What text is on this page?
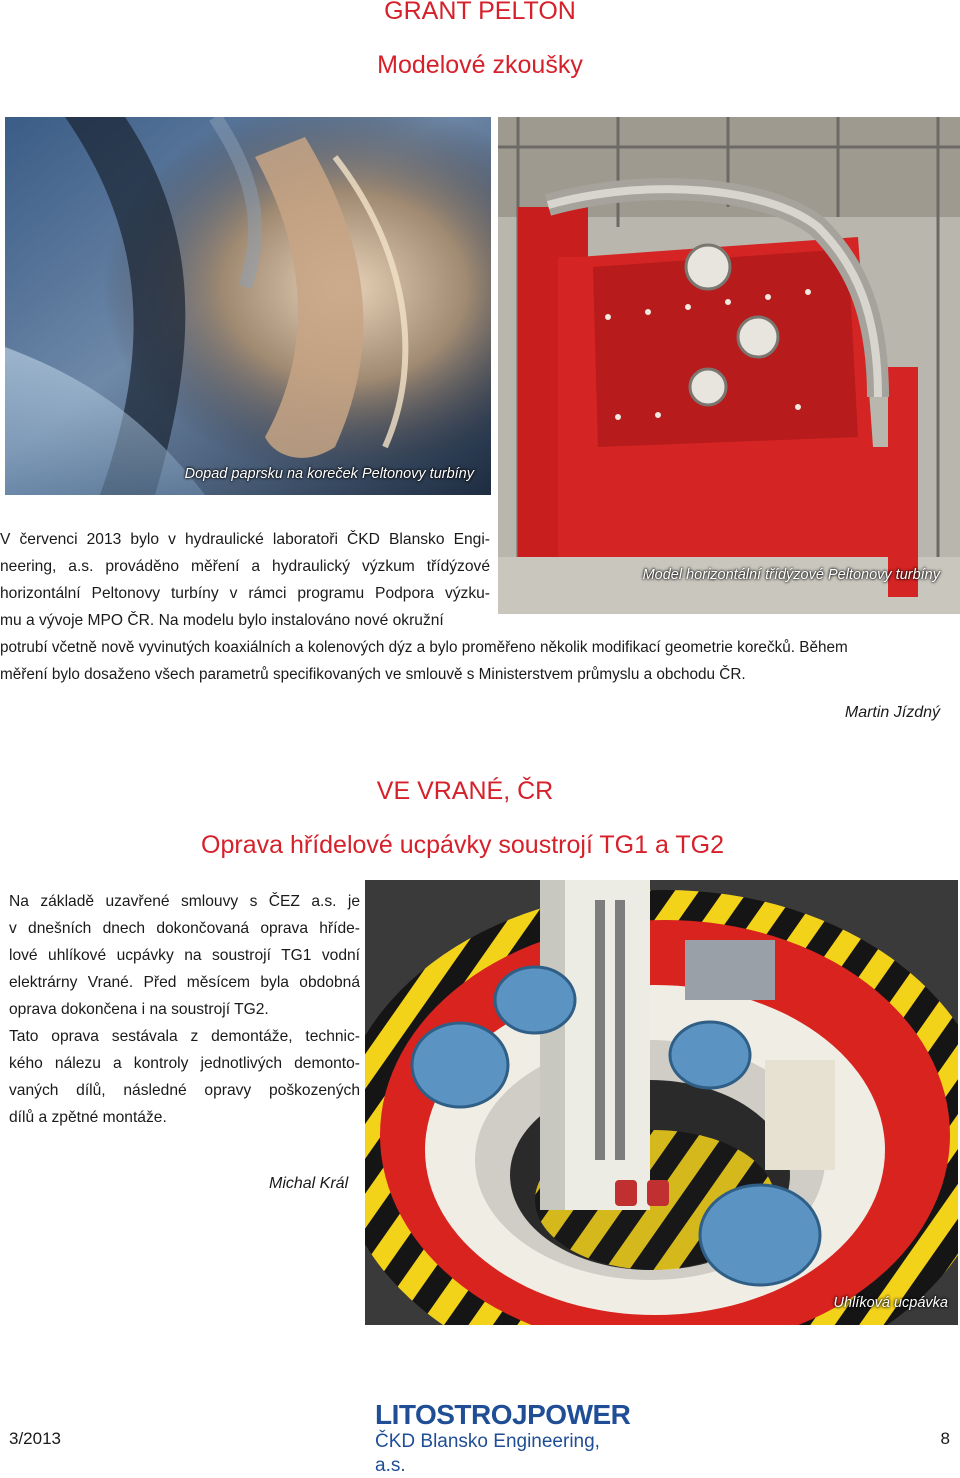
GRANT PELTON
Modelové zkoušky
Dopad paprsku na koreček Peltonovy turbíny
Model horizontální třídýzové Peltonovy turbíny
V červenci 2013 bylo v hydraulické laboratoři ČKD Blansko Engi-
neering, a.s. prováděno měření a hydraulický výzkum třídýzové
horizontální Peltonovy turbíny v rámci programu Podpora výzku-
mu a vývoje MPO ČR. Na modelu bylo instalováno nové okružní
potrubí včetně nově vyvinutých koaxiálních a kolenových dýz a bylo proměřeno několik modifikací geometrie korečků. Během
měření bylo dosaženo všech parametrů specifikovaných ve smlouvě s Ministerstvem průmyslu a obchodu ČR.
Martin Jízdný
VE VRANÉ, ČR
Oprava hřídelové ucpávky soustrojí TG1 a TG2
Na základě uzavřené smlouvy s ČEZ a.s. je
v dnešních dnech dokončovaná oprava hříde-
lové uhlíkové ucpávky na soustrojí TG1 vodní
elektrárny Vrané. Před měsícem byla obdobná
oprava dokončena i na soustrojí TG2.
Tato oprava sestávala z demontáže, technic-
kého nálezu a kontroly jednotlivých demonto-
vaných dílů, následné opravy poškozených
dílů a zpětné montáže.
Michal Král
Uhlíková ucpávka
3/2013
LITOSTROJPOWER
ČKD Blansko Engineering, a.s.
8
